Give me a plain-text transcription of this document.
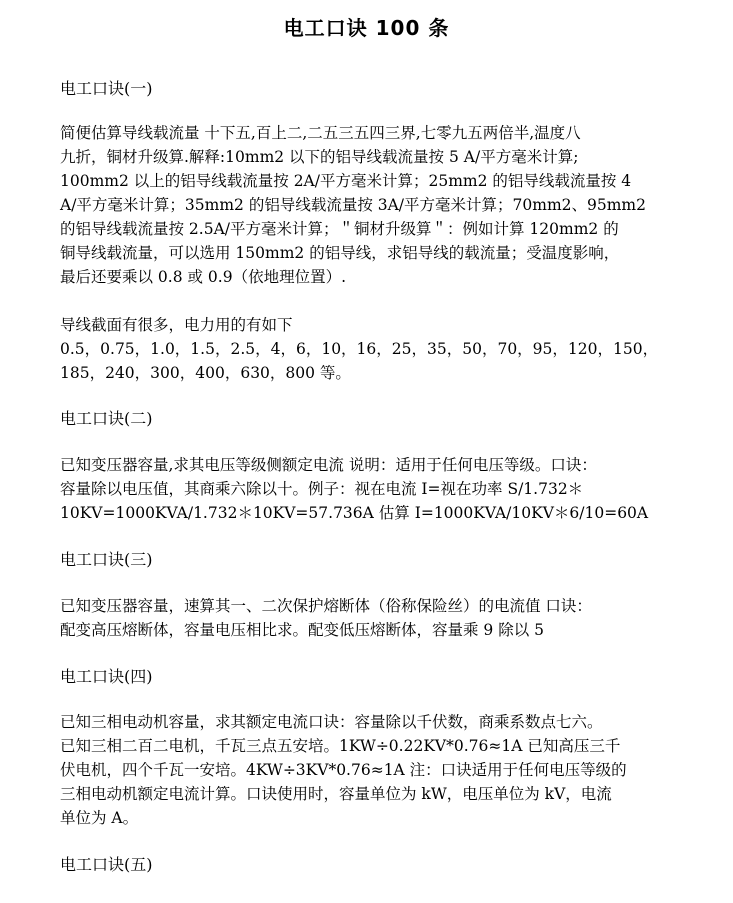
电工口诀 100 条

电工口诀(一)

简便估算导线载流量 十下五,百上二,二五三五四三界,七零九五两倍半,温度八
九折，铜材升级算.解释:10mm2 以下的铝导线载流量按 5 A/平方毫米计算;
100mm2 以上的铝导线载流量按 2A/平方毫米计算；25mm2 的铝导线载流量按 4
A/平方毫米计算；35mm2 的铝导线载流量按 3A/平方毫米计算；70mm2、95mm2
的铝导线载流量按 2.5A/平方毫米计算；＂铜材升级算＂：例如计算 120mm2 的
铜导线载流量，可以选用 150mm2 的铝导线，求铝导线的载流量；受温度影响，
最后还要乘以 0.8 或 0.9（依地理位置）.

导线截面有很多，电力用的有如下
0.5，0.75，1.0，1.5，2.5，4，6，10，16，25，35，50，70，95，120，150，
185，240，300，400，630，800 等。

电工口诀(二)

已知变压器容量,求其电压等级侧额定电流 说明：适用于任何电压等级。口诀：
容量除以电压值，其商乘六除以十。例子：视在电流 I=视在功率 S/1.732＊
10KV=1000KVA/1.732＊10KV=57.736A 估算 I=1000KVA/10KV＊6/10=60A

电工口诀(三)

已知变压器容量，速算其一、二次保护熔断体（俗称保险丝）的电流值 口诀：
配变高压熔断体，容量电压相比求。配变低压熔断体，容量乘 9 除以 5

电工口诀(四)

已知三相电动机容量，求其额定电流口诀：容量除以千伏数，商乘系数点七六。
已知三相二百二电机，千瓦三点五安培。1KW÷0.22KV*0.76≈1A 已知高压三千
伏电机，四个千瓦一安培。4KW÷3KV*0.76≈1A 注：口诀适用于任何电压等级的
三相电动机额定电流计算。口诀使用时，容量单位为 kW，电压单位为 kV，电流
单位为 A。

电工口诀(五)
